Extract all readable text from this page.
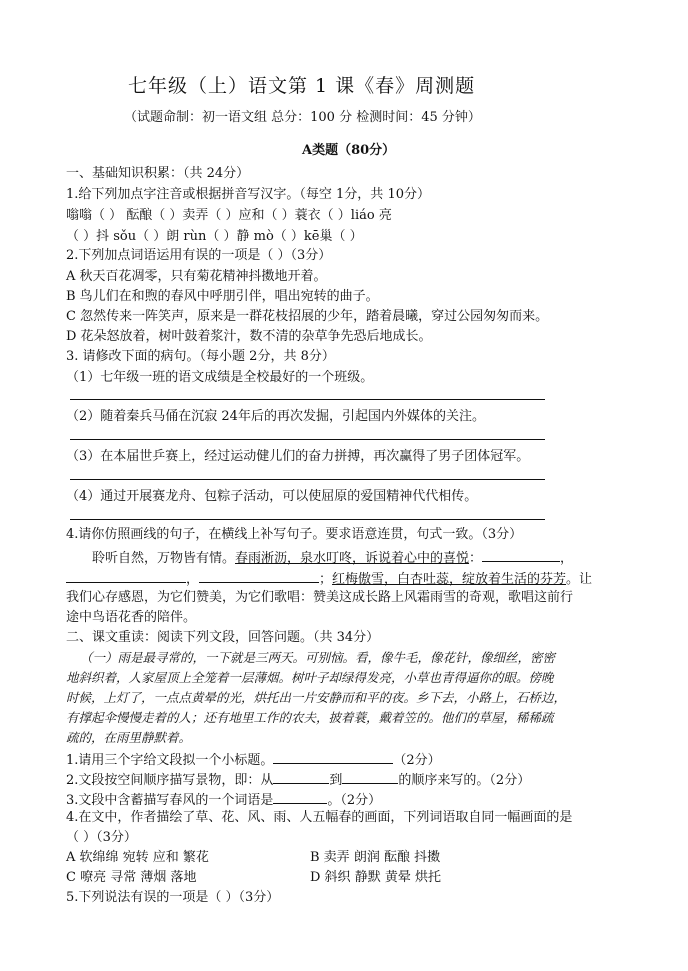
七年级（上）语文第 1 课《春》周测题
（试题命制：初一语文组 总分：100 分 检测时间：45 分钟）
A类题（80分）
一、基础知识积累：（共 24分）
1.给下列加点字注音或根据拼音写汉字。（每空 1分，共 10分）
嗡嗡（ ） 酝酿（ ）卖弄（ ）应和（ ）蓑衣（ ）liáo 亮
（ ）抖 sǒu（ ）朗 rùn（ ）静 mò（ ）kē巢（ ）
2.下列加点词语运用有误的一项是（ ）（3分）
A 秋天百花凋零，只有菊花精神抖擞地开着。
B 鸟儿们在和煦的春风中呼朋引伴，唱出宛转的曲子。
C 忽然传来一阵笑声，原来是一群花枝招展的少年，踏着晨曦，穿过公园匆匆而来。
D 花朵怒放着，树叶鼓着浆汁，数不清的杂草争先恐后地成长。
3. 请修改下面的病句。（每小题 2分，共 8分）
（1）七年级一班的语文成绩是全校最好的一个班级。
（2）随着秦兵马俑在沉寂 24年后的再次发掘，引起国内外媒体的关注。
（3）在本届世乒赛上，经过运动健儿们的奋力拼搏，再次赢得了男子团体冠军。
（4）通过开展赛龙舟、包粽子活动，可以使屈原的爱国精神代代相传。
4.请你仿照画线的句子，在横线上补写句子。要求语意连贯，句式一致。（3分）
聆听自然，万物皆有情。春雨淅沥，泉水叮咚，诉说着心中的喜悦：	，
，	；红梅傲雪，白杏吐蕊，绽放着生活的芬芳。让
我们心存感恩，为它们赞美，为它们歌唱：赞美这成长路上风霜雨雪的奇观，歌唱这前行
途中鸟语花香的陪伴。
二、课文重读：阅读下列文段，回答问题。（共 34分）
（一）雨是最寻常的，一下就是三两天。可别恼。看，像牛毛，像花针，像细丝，密密
地斜织着，人家屋顶上全笼着一层薄烟。树叶子却绿得发亮，小草也青得逼你的眼。傍晚
时候，上灯了，一点点黄晕的光，烘托出一片安静而和平的夜。乡下去，小路上，石桥边，
有撑起伞慢慢走着的人；还有地里工作的农夫，披着蓑，戴着笠的。他们的草屋，稀稀疏
疏的，在雨里静默着。
1.请用三个字给文段拟一个小标题。	（2分）
2.文段按空间顺序描写景物，即：从	到	的顺序来写的。（2分）
3.文段中含蓄描写春风的一个词语是	。（2分）
4.在文中，作者描绘了草、花、风、雨、人五幅春的画面，下列词语取自同一幅画面的是
（ ）（3分）
A 软绵绵 宛转 应和 繁花	B 卖弄 朗润 酝酿 抖擞
C 嘹亮 寻常 薄烟 落地	D 斜织 静默 黄晕 烘托
5.下列说法有误的一项是（ ）（3分）
